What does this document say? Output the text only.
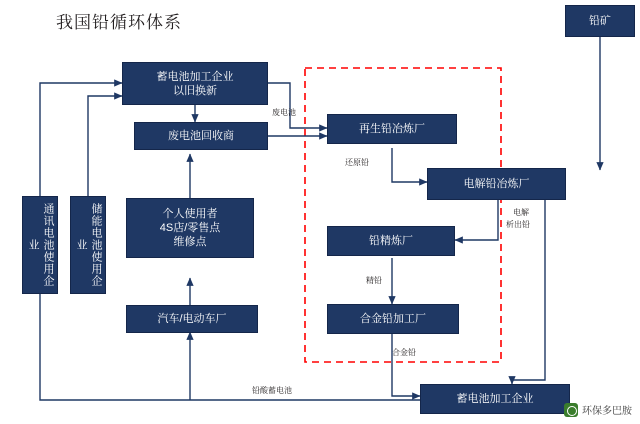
我国铅循环体系	铅矿
蓄电池加工企业
以旧换新
废电池回收商
再生铅冶炼厂
电解铅冶炼厂
铅精炼厂
合金铅加工厂
蓄电池加工企业
通讯电池使用企业	储能电池使用企业
个人使用者
4S店/零售点
维修点
汽车/电动车厂
废电池
还原铅
电解
析出铅
精铅
合金铅
铅酸蓄电池
环保多巴胺
